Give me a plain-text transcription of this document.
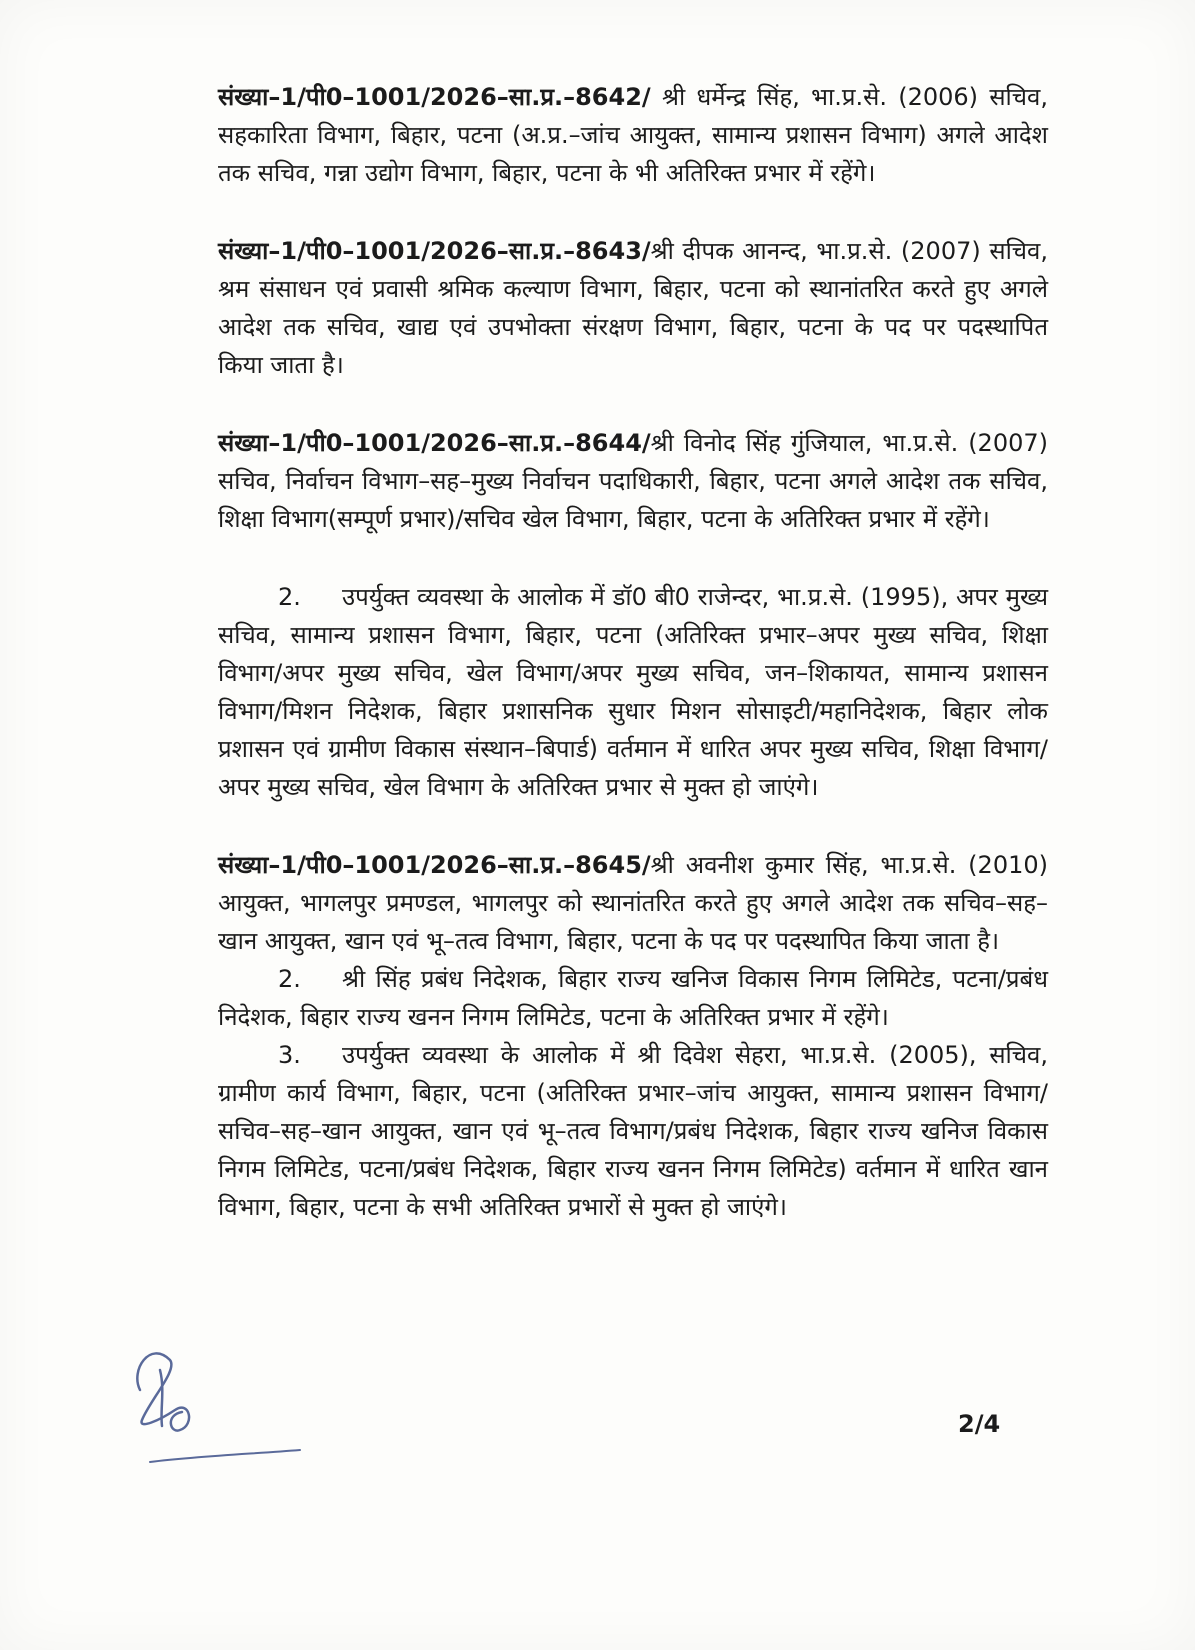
संख्या–1/पी0–1001/2026–सा.प्र.–8642/ श्री धर्मेन्द्र सिंह, भा.प्र.से. (2006) सचिव, सहकारिता विभाग, बिहार, पटना (अ.प्र.–जांच आयुक्त, सामान्य प्रशासन विभाग) अगले आदेश तक सचिव, गन्ना उद्योग विभाग, बिहार, पटना के भी अतिरिक्त प्रभार में रहेंगे।

संख्या–1/पी0–1001/2026–सा.प्र.–8643/श्री दीपक आनन्द, भा.प्र.से. (2007) सचिव, श्रम संसाधन एवं प्रवासी श्रमिक कल्याण विभाग, बिहार, पटना को स्थानांतरित करते हुए अगले आदेश तक सचिव, खाद्य एवं उपभोक्ता संरक्षण विभाग, बिहार, पटना के पद पर पदस्थापित किया जाता है।

संख्या–1/पी0–1001/2026–सा.प्र.–8644/श्री विनोद सिंह गुंजियाल, भा.प्र.से. (2007) सचिव, निर्वाचन विभाग–सह–मुख्य निर्वाचन पदाधिकारी, बिहार, पटना अगले आदेश तक सचिव, शिक्षा विभाग(सम्पूर्ण प्रभार)/सचिव खेल विभाग, बिहार, पटना के अतिरिक्त प्रभार में रहेंगे।

2. उपर्युक्त व्यवस्था के आलोक में डॉ0 बी0 राजेन्दर, भा.प्र.से. (1995), अपर मुख्य सचिव, सामान्य प्रशासन विभाग, बिहार, पटना (अतिरिक्त प्रभार–अपर मुख्य सचिव, शिक्षा विभाग/अपर मुख्य सचिव, खेल विभाग/अपर मुख्य सचिव, जन–शिकायत, सामान्य प्रशासन विभाग/मिशन निदेशक, बिहार प्रशासनिक सुधार मिशन सोसाइटी/महानिदेशक, बिहार लोक प्रशासन एवं ग्रामीण विकास संस्थान–बिपार्ड) वर्तमान में धारित अपर मुख्य सचिव, शिक्षा विभाग/अपर मुख्य सचिव, खेल विभाग के अतिरिक्त प्रभार से मुक्त हो जाएंगे।

संख्या–1/पी0–1001/2026–सा.प्र.–8645/श्री अवनीश कुमार सिंह, भा.प्र.से. (2010) आयुक्त, भागलपुर प्रमण्डल, भागलपुर को स्थानांतरित करते हुए अगले आदेश तक सचिव–सह–खान आयुक्त, खान एवं भू–तत्व विभाग, बिहार, पटना के पद पर पदस्थापित किया जाता है।

2. श्री सिंह प्रबंध निदेशक, बिहार राज्य खनिज विकास निगम लिमिटेड, पटना/प्रबंध निदेशक, बिहार राज्य खनन निगम लिमिटेड, पटना के अतिरिक्त प्रभार में रहेंगे।

3. उपर्युक्त व्यवस्था के आलोक में श्री दिवेश सेहरा, भा.प्र.से. (2005), सचिव, ग्रामीण कार्य विभाग, बिहार, पटना (अतिरिक्त प्रभार–जांच आयुक्त, सामान्य प्रशासन विभाग/सचिव–सह–खान आयुक्त, खान एवं भू–तत्व विभाग/प्रबंध निदेशक, बिहार राज्य खनिज विकास निगम लिमिटेड, पटना/प्रबंध निदेशक, बिहार राज्य खनन निगम लिमिटेड) वर्तमान में धारित खान विभाग, बिहार, पटना के सभी अतिरिक्त प्रभारों से मुक्त हो जाएंगे।

2/4
